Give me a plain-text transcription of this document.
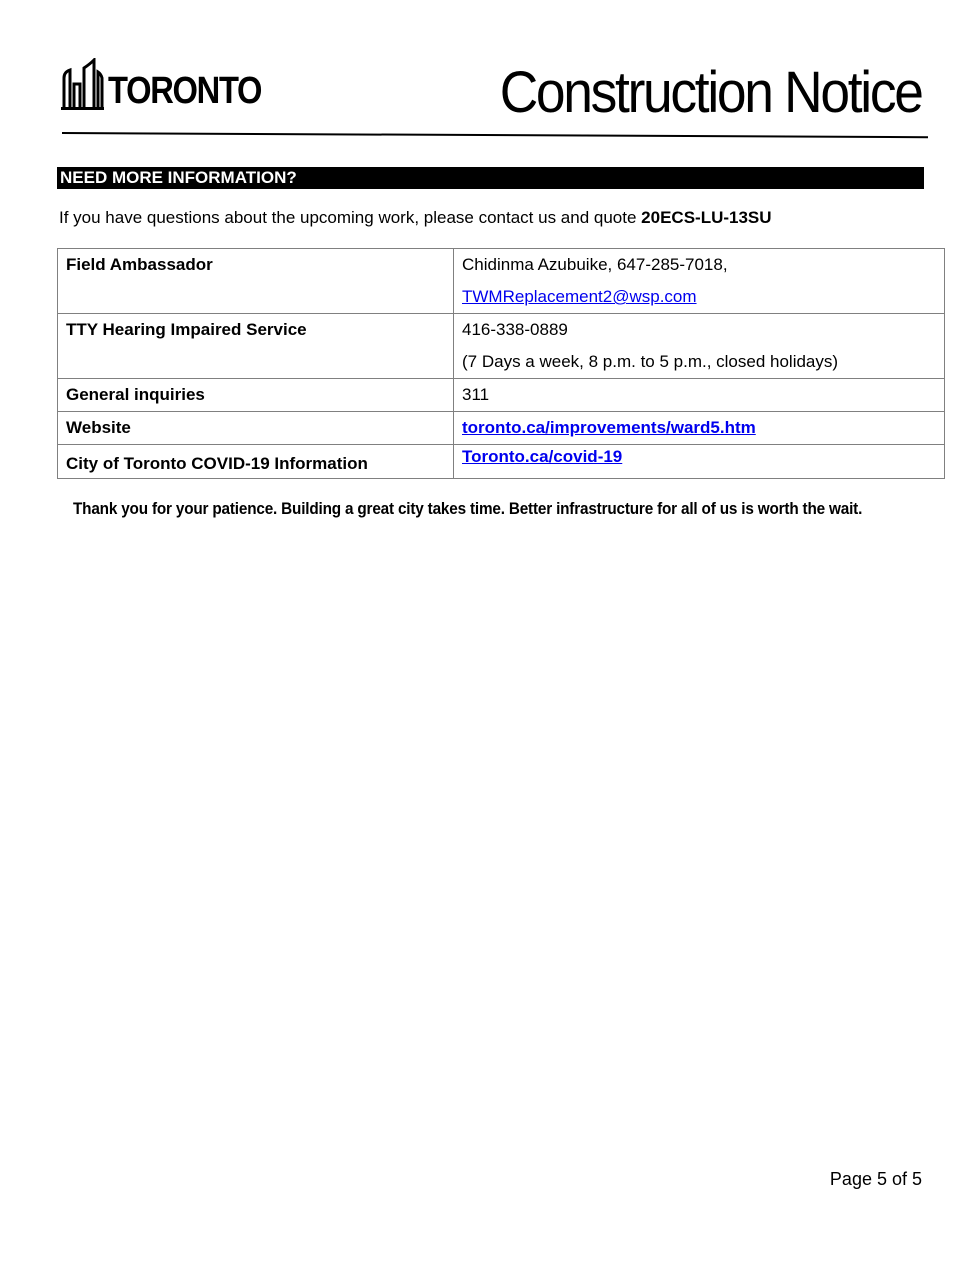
TORONTO	Construction Notice
NEED MORE INFORMATION?
If you have questions about the upcoming work, please contact us and quote 20ECS-LU-13SU
Field Ambassador	Chidinma Azubuike, 647-285-7018,
TWMReplacement2@wsp.com

TTY Hearing Impaired Service	416-338-0889
(7 Days a week, 8 p.m. to 5 p.m., closed holidays)

General inquiries	311
Website	toronto.ca/improvements/ward5.htm
City of Toronto COVID-19 Information	Toronto.ca/covid-19
Thank you for your patience. Building a great city takes time. Better infrastructure for all of us is worth the wait.
Page 5 of 5
